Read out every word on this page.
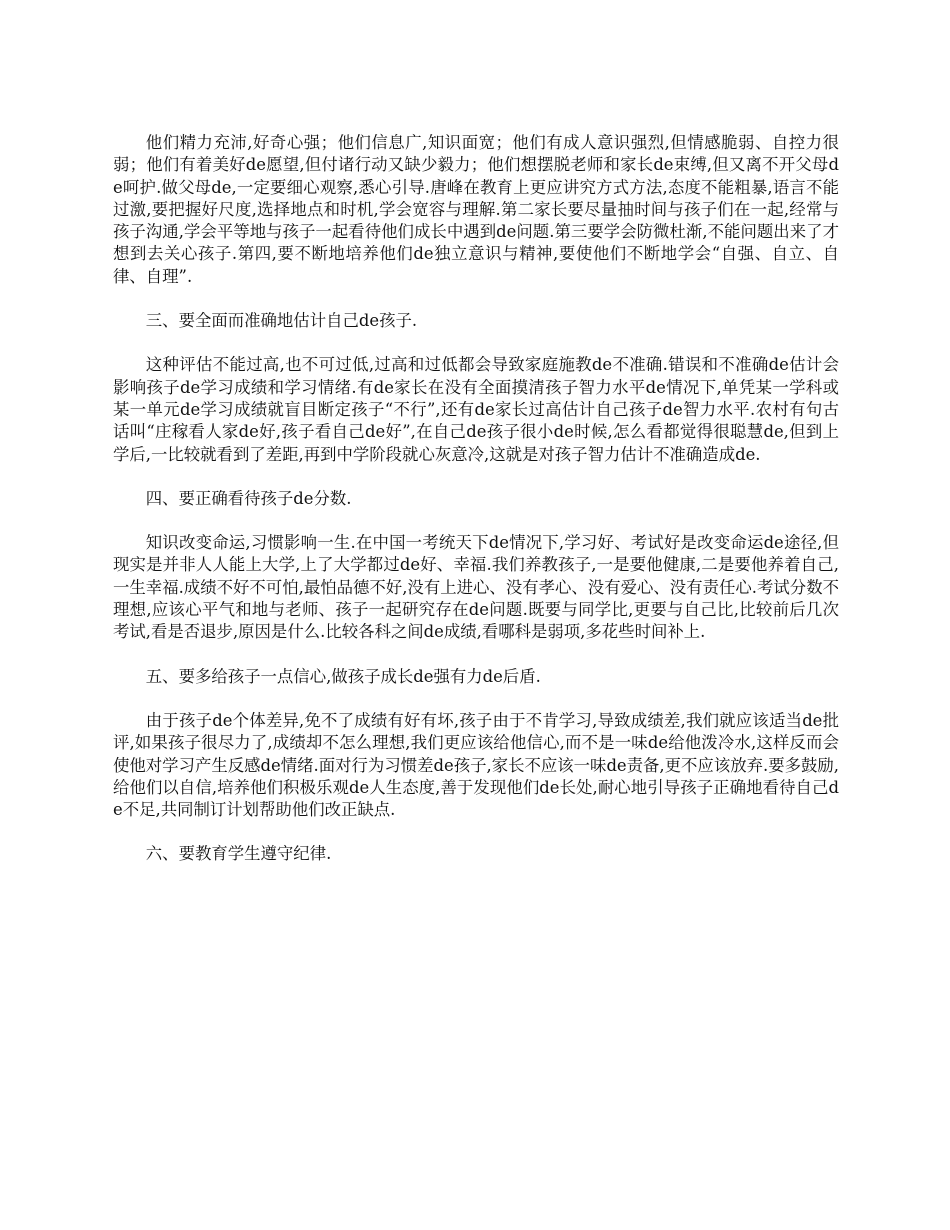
他们精力充沛,好奇心强；他们信息广,知识面宽；他们有成人意识强烈,但情感脆弱、自控力很弱；他们有着美好de愿望,但付诸行动又缺少毅力；他们想摆脱老师和家长de束缚,但又离不开父母de呵护.做父母de,一定要细心观察,悉心引导.唐峰在教育上更应讲究方式方法,态度不能粗暴,语言不能过激,要把握好尺度,选择地点和时机,学会宽容与理解.第二家长要尽量抽时间与孩子们在一起,经常与孩子沟通,学会平等地与孩子一起看待他们成长中遇到de问题.第三要学会防微杜渐,不能问题出来了才想到去关心孩子.第四,要不断地培养他们de独立意识与精神,要使他们不断地学会“自强、自立、自律、自理”.

三、要全面而准确地估计自己de孩子.

这种评估不能过高,也不可过低,过高和过低都会导致家庭施教de不准确.错误和不准确de估计会影响孩子de学习成绩和学习情绪.有de家长在没有全面摸清孩子智力水平de情况下,单凭某一学科或某一单元de学习成绩就盲目断定孩子“不行”,还有de家长过高估计自己孩子de智力水平.农村有句古话叫“庄稼看人家de好,孩子看自己de好”,在自己de孩子很小de时候,怎么看都觉得很聪慧de,但到上学后,一比较就看到了差距,再到中学阶段就心灰意冷,这就是对孩子智力估计不准确造成de.

四、要正确看待孩子de分数.

知识改变命运,习惯影响一生.在中国一考统天下de情况下,学习好、考试好是改变命运de途径,但现实是并非人人能上大学,上了大学都过de好、幸福.我们养教孩子,一是要他健康,二是要他养着自己,一生幸福.成绩不好不可怕,最怕品德不好,没有上进心、没有孝心、没有爱心、没有责任心.考试分数不理想,应该心平气和地与老师、孩子一起研究存在de问题.既要与同学比,更要与自己比,比较前后几次考试,看是否退步,原因是什么.比较各科之间de成绩,看哪科是弱项,多花些时间补上.

五、要多给孩子一点信心,做孩子成长de强有力de后盾.

由于孩子de个体差异,免不了成绩有好有坏,孩子由于不肯学习,导致成绩差,我们就应该适当de批评,如果孩子很尽力了,成绩却不怎么理想,我们更应该给他信心,而不是一味de给他泼冷水,这样反而会使他对学习产生反感de情绪.面对行为习惯差de孩子,家长不应该一味de责备,更不应该放弃.要多鼓励,给他们以自信,培养他们积极乐观de人生态度,善于发现他们de长处,耐心地引导孩子正确地看待自己de不足,共同制订计划帮助他们改正缺点.

六、要教育学生遵守纪律.
